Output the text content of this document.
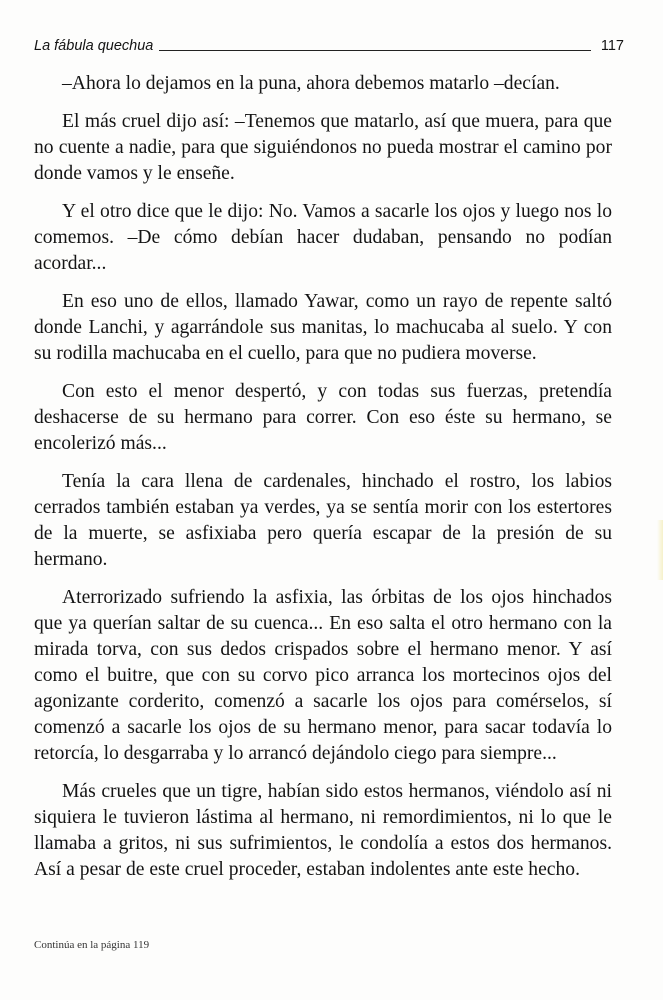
La fábula quechua	117

–Ahora lo dejamos en la puna, ahora debemos matarlo –decían.

El más cruel dijo así: –Tenemos que matarlo, así que muera, para que no cuente a nadie, para que siguiéndonos no pueda mostrar el camino por donde vamos y le enseñe.

Y el otro dice que le dijo: No. Vamos a sacarle los ojos y luego nos lo comemos. –De cómo debían hacer dudaban, pensando no podían acordar...

En eso uno de ellos, llamado Yawar, como un rayo de repente saltó donde Lanchi, y agarrándole sus manitas, lo machucaba al suelo. Y con su rodilla machucaba en el cuello, para que no pudiera moverse.

Con esto el menor despertó, y con todas sus fuerzas, pretendía deshacerse de su hermano para correr. Con eso éste su hermano, se encolerizó más...

Tenía la cara llena de cardenales, hinchado el rostro, los labios cerrados también estaban ya verdes, ya se sentía morir con los estertores de la muerte, se asfixiaba pero quería escapar de la presión de su hermano.

Aterrorizado sufriendo la asfixia, las órbitas de los ojos hinchados que ya querían saltar de su cuenca... En eso salta el otro hermano con la mirada torva, con sus dedos crispados sobre el hermano menor. Y así como el buitre, que con su corvo pico arranca los mortecinos ojos del agonizante corderito, comenzó a sacarle los ojos para comérselos, sí comenzó a sacarle los ojos de su hermano menor, para sacar todavía lo retorcía, lo desgarraba y lo arrancó dejándolo ciego para siempre...

Más crueles que un tigre, habían sido estos hermanos, viéndolo así ni siquiera le tuvieron lástima al hermano, ni remordimientos, ni lo que le llamaba a gritos, ni sus sufrimientos, le condolía a estos dos hermanos. Así a pesar de este cruel proceder, estaban indolentes ante este hecho.

Continúa en la página 119
